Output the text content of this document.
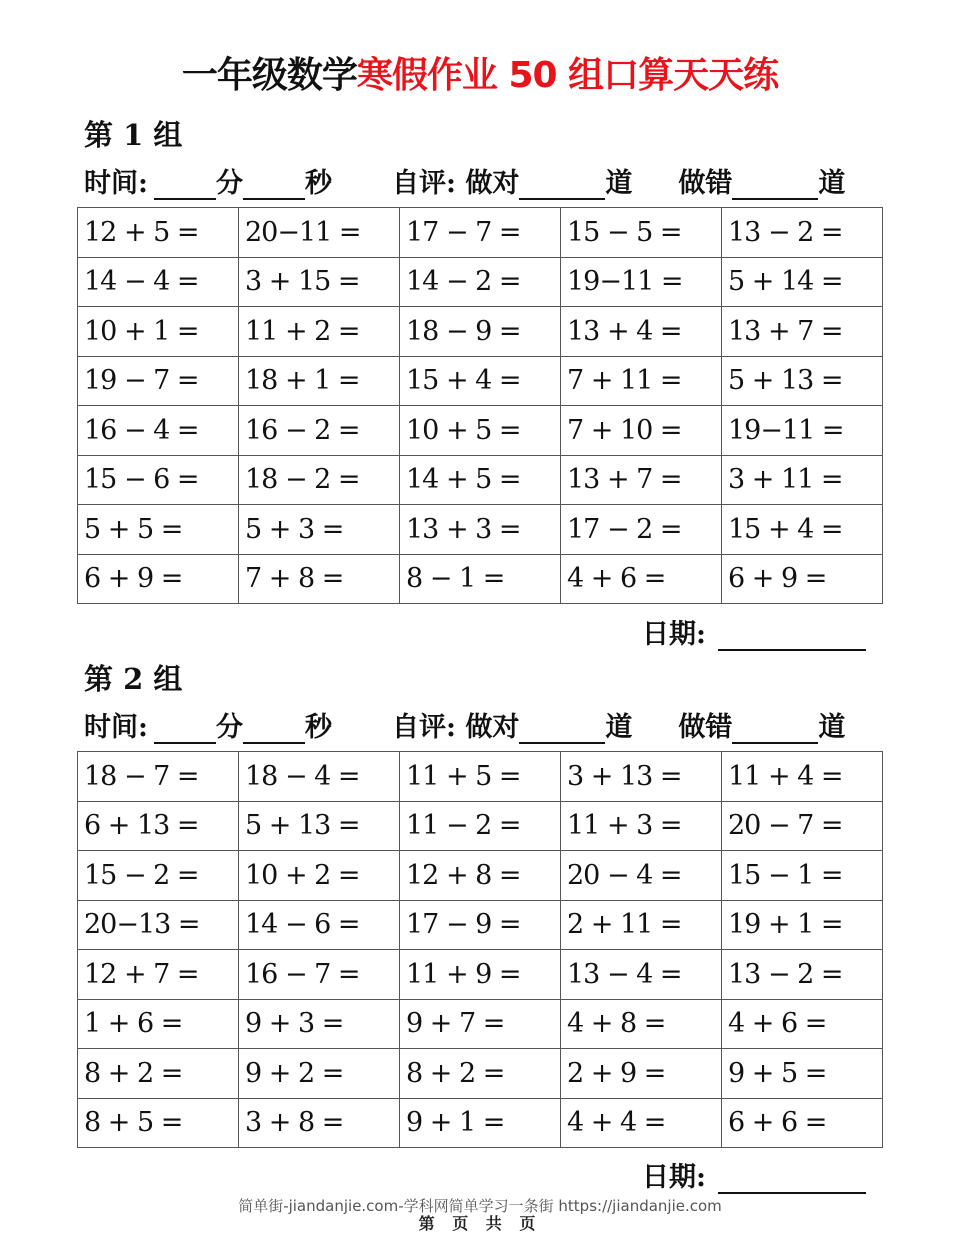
一年级数学寒假作业 50 组口算天天练
第 1 组
时间:	分 秒 自评: 做对	道 做错	道
12 + 5 =	20−11 =	17 − 7 =	15 − 5 =	13 − 2 =
14 − 4 =	3 + 15 =	14 − 2 =	19−11 =	5 + 14 =
10 + 1 =	11 + 2 =	18 − 9 =	13 + 4 =	13 + 7 =
19 − 7 =	18 + 1 =	15 + 4 =	7 + 11 =	5 + 13 =
16 − 4 =	16 − 2 =	10 + 5 =	7 + 10 =	19−11 =
15 − 6 =	18 − 2 =	14 + 5 =	13 + 7 =	3 + 11 =
5 + 5 =	5 + 3 =	13 + 3 =	17 − 2 =	15 + 4 =
6 + 9 =	7 + 8 =	8 − 1 =	4 + 6 =	6 + 9 =
日期:
第 2 组
时间:	分 秒 自评: 做对	道 做错	道
18 − 7 =	18 − 4 =	11 + 5 =	3 + 13 =	11 + 4 =
6 + 13 =	5 + 13 =	11 − 2 =	11 + 3 =	20 − 7 =
15 − 2 =	10 + 2 =	12 + 8 =	20 − 4 =	15 − 1 =
20−13 =	14 − 6 =	17 − 9 =	2 + 11 =	19 + 1 =
12 + 7 =	16 − 7 =	11 + 9 =	13 − 4 =	13 − 2 =
1 + 6 =	9 + 3 =	9 + 7 =	4 + 8 =	4 + 6 =
8 + 2 =	9 + 2 =	8 + 2 =	2 + 9 =	9 + 5 =
8 + 5 =	3 + 8 =	9 + 1 =	4 + 4 =	6 + 6 =
日期:
简单街-jiandanjie.com-学科网简单学习一条街 https://jiandanjie.com
第 页 共 页
